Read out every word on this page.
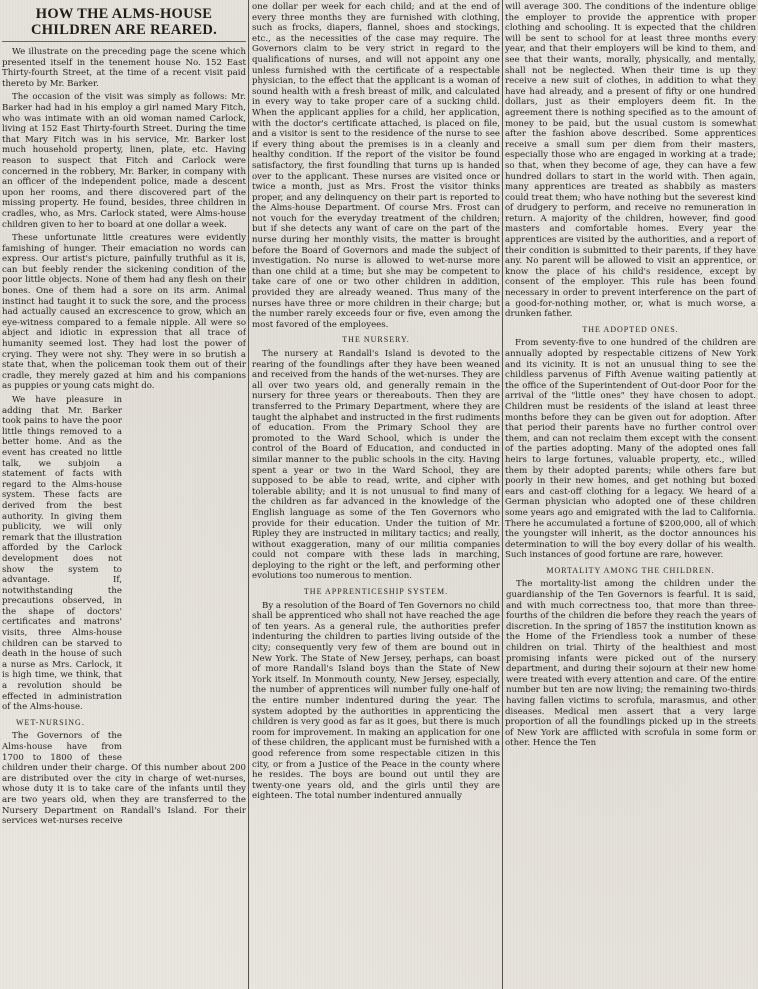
HOW THE ALMS-HOUSE CHILDREN ARE REARED.

We illustrate on the preceding page the scene which presented itself in the tenement house No. 152 East Thirty-fourth Street, at the time of a recent visit paid thereto by Mr. Barker.

The occasion of the visit was simply as follows: Mr. Barker had had in his employ a girl named Mary Fitch, who was intimate with an old woman named Carlock, living at 152 East Thirty-fourth Street. During the time that Mary Fitch was in his service, Mr. Barker lost much household property, linen, plate, etc. Having reason to suspect that Fitch and Carlock were concerned in the robbery, Mr. Barker, in company with an officer of the independent police, made a descent upon her rooms, and there discovered part of the missing property. He found, besides, three children in cradles, who, as Mrs. Carlock stated, were Alms-house children given to her to board at one dollar a week.

These unfortunate little creatures were evidently famishing of hunger. Their emaciation no words can express. Our artist's picture, painfully truthful as it is, can but feebly render the sickening condition of the poor little objects. None of them had any flesh on their bones. One of them had a sore on its arm. Animal instinct had taught it to suck the sore, and the process had actually caused an excrescence to grow, which an eye-witness compared to a female nipple. All were so abject and idiotic in expression that all trace of humanity seemed lost. They had lost the power of crying. They were not shy. They were in so brutish a state that, when the policeman took them out of their cradle, they merely gazed at him and his companions as puppies or young cats might do.

We have pleasure in adding that Mr. Barker took pains to have the poor little things removed to a better home. And as the event has created no little talk, we subjoin a statement of facts with regard to the Alms-house system. These facts are derived from the best authority. In giving them publicity, we will only remark that the illustration afforded by the Carlock development does not show the system to advantage. If, notwithstanding the precautions observed, in the shape of doctors' certificates and matrons' visits, three Alms-house children can be starved to death in the house of such a nurse as Mrs. Carlock, it is high time, we think, that a revolution should be effected in administration of the Alms-house.

WET-NURSING.

The Governors of the Alms-house have from 1700 to 1800 of these children under their charge. Of this number about 200 are distributed over the city in charge of wet-nurses, whose duty it is to take care of the infants until they are two years old, when they are transferred to the Nursery Department on Randall's Island. For their services wet-nurses receive

one dollar per week for each child; and at the end of every three months they are furnished with clothing, such as frocks, diapers, flannel, shoes and stockings, etc., as the necessities of the case may require. The Governors claim to be very strict in regard to the qualifications of nurses, and will not appoint any one unless furnished with the certificate of a respectable physician, to the effect that the applicant is a woman of sound health with a fresh breast of milk, and calculated in every way to take proper care of a sucking child. When the applicant applies for a child, her application, with the doctor's certificate attached, is placed on file, and a visitor is sent to the residence of the nurse to see if every thing about the premises is in a cleanly and healthy condition. If the report of the visitor be found satisfactory, the first foundling that turns up is handed over to the applicant. These nurses are visited once or twice a month, just as Mrs. Frost the visitor thinks proper, and any delinquency on their part is reported to the Alms-house Department. Of course Mrs. Frost can not vouch for the everyday treatment of the children; but if she detects any want of care on the part of the nurse during her monthly visits, the matter is brought before the Board of Governors and made the subject of investigation. No nurse is allowed to wet-nurse more than one child at a time; but she may be competent to take care of one or two other children in addition, provided they are already weaned. Thus many of the nurses have three or more children in their charge; but the number rarely exceeds four or five, even among the most favored of the employees.

THE NURSERY.

The nursery at Randall's Island is devoted to the rearing of the foundlings after they have been weaned and received from the hands of the wet-nurses. They are all over two years old, and generally remain in the nursery for three years or thereabouts. Then they are transferred to the Primary Department, where they are taught the alphabet and instructed in the first rudiments of education. From the Primary School they are promoted to the Ward School, which is under the control of the Board of Education, and conducted in similar manner to the public schools in the city. Having spent a year or two in the Ward School, they are supposed to be able to read, write, and cipher with tolerable ability; and it is not unusual to find many of the children as far advanced in the knowledge of the English language as some of the Ten Governors who provide for their education. Under the tuition of Mr. Ripley they are instructed in military tactics; and really, without exaggeration, many of our militia companies could not compare with these lads in marching, deploying to the right or the left, and performing other evolutions too numerous to mention.

THE APPRENTICESHIP SYSTEM.

By a resolution of the Board of Ten Governors no child shall be apprenticed who shall not have reached the age of ten years. As a general rule, the authorities prefer indenturing the children to parties living outside of the city; consequently very few of them are bound out in New York. The State of New Jersey, perhaps, can boast of more Randall's Island boys than the State of New York itself. In Monmouth county, New Jersey, especially, the number of apprentices will number fully one-half of the entire number indentured during the year. The system adopted by the authorities in apprenticing the children is very good as far as it goes, but there is much room for improvement. In making an application for one of these children, the applicant must be furnished with a good reference from some respectable citizen in this city, or from a Justice of the Peace in the county where he resides. The boys are bound out until they are twenty-one years old, and the girls until they are eighteen. The total number indentured annually

will average 300. The conditions of the indenture oblige the employer to provide the apprentice with proper clothing and schooling. It is expected that the children will be sent to school for at least three months every year, and that their employers will be kind to them, and see that their wants, morally, physically, and mentally, shall not be neglected. When their time is up they receive a new suit of clothes, in addition to what they have had already, and a present of fifty or one hundred dollars, just as their employers deem fit. In the agreement there is nothing specified as to the amount of money to be paid, but the usual custom is somewhat after the fashion above described. Some apprentices receive a small sum per diem from their masters, especially those who are engaged in working at a trade; so that, when they become of age, they can have a few hundred dollars to start in the world with. Then again, many apprentices are treated as shabbily as masters could treat them; who have nothing but the severest kind of drudgery to perform, and receive no remuneration in return. A majority of the children, however, find good masters and comfortable homes. Every year the apprentices are visited by the authorities, and a report of their condition is submitted to their parents, if they have any. No parent will be allowed to visit an apprentice, or know the place of his child's residence, except by consent of the employer. This rule has been found necessary in order to prevent interference on the part of a good-for-nothing mother, or, what is much worse, a drunken father.

THE ADOPTED ONES.

From seventy-five to one hundred of the children are annually adopted by respectable citizens of New York and its vicinity. It is not an unusual thing to see the childless parvenus of Fifth Avenue waiting patiently at the office of the Superintendent of Out-door Poor for the arrival of the "little ones" they have chosen to adopt. Children must be residents of the island at least three months before they can be given out for adoption. After that period their parents have no further control over them, and can not reclaim them except with the consent of the parties adopting. Many of the adopted ones fall heirs to large fortunes, valuable property, etc., willed them by their adopted parents; while others fare but poorly in their new homes, and get nothing but boxed ears and cast-off clothing for a legacy. We heard of a German physician who adopted one of these children some years ago and emigrated with the lad to California. There he accumulated a fortune of $200,000, all of which the youngster will inherit, as the doctor announces his determination to will the boy every dollar of his wealth. Such instances of good fortune are rare, however.

MORTALITY AMONG THE CHILDREN.

The mortality-list among the children under the guardianship of the Ten Governors is fearful. It is said, and with much correctness too, that more than three-fourths of the children die before they reach the years of discretion. In the spring of 1857 the institution known as the Home of the Friendless took a number of these children on trial. Thirty of the healthiest and most promising infants were picked out of the nursery department, and during their sojourn at their new home were treated with every attention and care. Of the entire number but ten are now living; the remaining two-thirds having fallen victims to scrofula, marasmus, and other diseases. Medical men assert that a very large proportion of all the foundlings picked up in the streets of New York are afflicted with scrofula in some form or other. Hence the Ten
